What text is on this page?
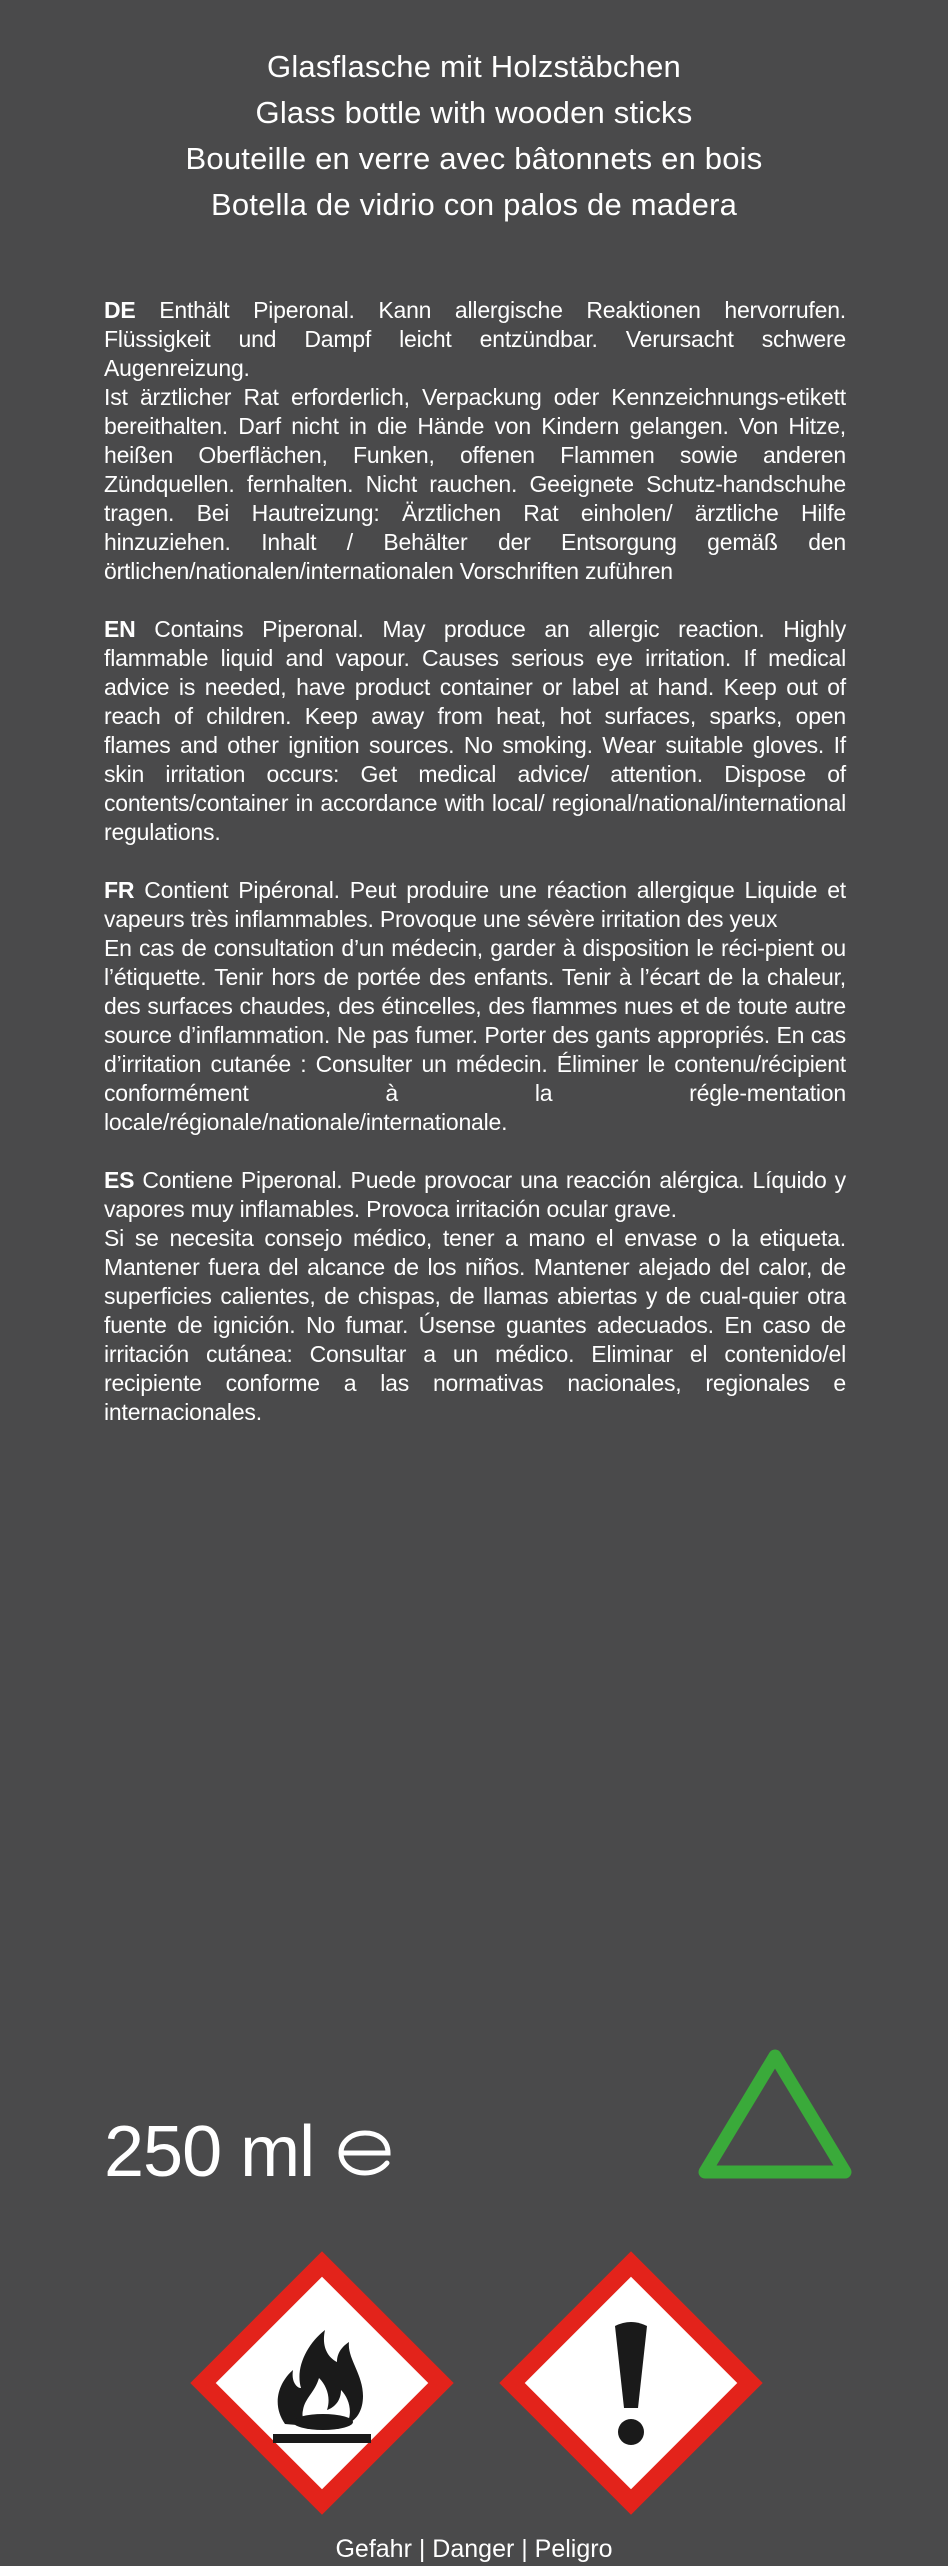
Glasflasche mit Holzstäbchen
Glass bottle with wooden sticks
Bouteille en verre avec bâtonnets en bois
Botella de vidrio con palos de madera

DE Enthält Piperonal. Kann allergische Reaktionen hervorrufen. Flüssigkeit und Dampf leicht entzündbar. Verursacht schwere Augenreizung.

Ist ärztlicher Rat erforderlich, Verpackung oder Kennzeichnungs-etikett bereithalten. Darf nicht in die Hände von Kindern gelangen. Von Hitze, heißen Oberflächen, Funken, offenen Flammen sowie anderen Zündquellen. fernhalten. Nicht rauchen. Geeignete Schutz-handschuhe tragen. Bei Hautreizung: Ärztlichen Rat einholen/ ärztliche Hilfe hinzuziehen. Inhalt / Behälter der Entsorgung gemäß den örtlichen/nationalen/internationalen Vorschriften zuführen

EN Contains Piperonal. May produce an allergic reaction. Highly flammable liquid and vapour. Causes serious eye irritation. If medical advice is needed, have product container or label at hand. Keep out of reach of children. Keep away from heat, hot surfaces, sparks, open flames and other ignition sources. No smoking. Wear suitable gloves. If skin irritation occurs: Get medical advice/ attention. Dispose of contents/container in accordance with local/ regional/national/international regulations.

FR Contient Pipéronal. Peut produire une réaction allergique Liquide et vapeurs très inflammables. Provoque une sévère irritation des yeux

En cas de consultation d’un médecin, garder à disposition le réci-pient ou l’étiquette. Tenir hors de portée des enfants. Tenir à l’écart de la chaleur, des surfaces chaudes, des étincelles, des flammes nues et de toute autre source d’inflammation. Ne pas fumer. Porter des gants appropriés. En cas d’irritation cutanée : Consulter un médecin. Éliminer le contenu/récipient conformément à la régle-mentation locale/régionale/nationale/internationale.

ES Contiene Piperonal. Puede provocar una reacción alérgica. Líquido y vapores muy inflamables. Provoca irritación ocular grave.

Si se necesita consejo médico, tener a mano el envase o la etiqueta. Mantener fuera del alcance de los niños. Mantener alejado del calor, de superficies calientes, de chispas, de llamas abiertas y de cual-quier otra fuente de ignición. No fumar. Úsense guantes adecuados. En caso de irritación cutánea: Consultar a un médico. Eliminar el contenido/el recipiente conforme a las normativas nacionales, regionales e internacionales.

250 ml
Gefahr | Danger | Peligro
